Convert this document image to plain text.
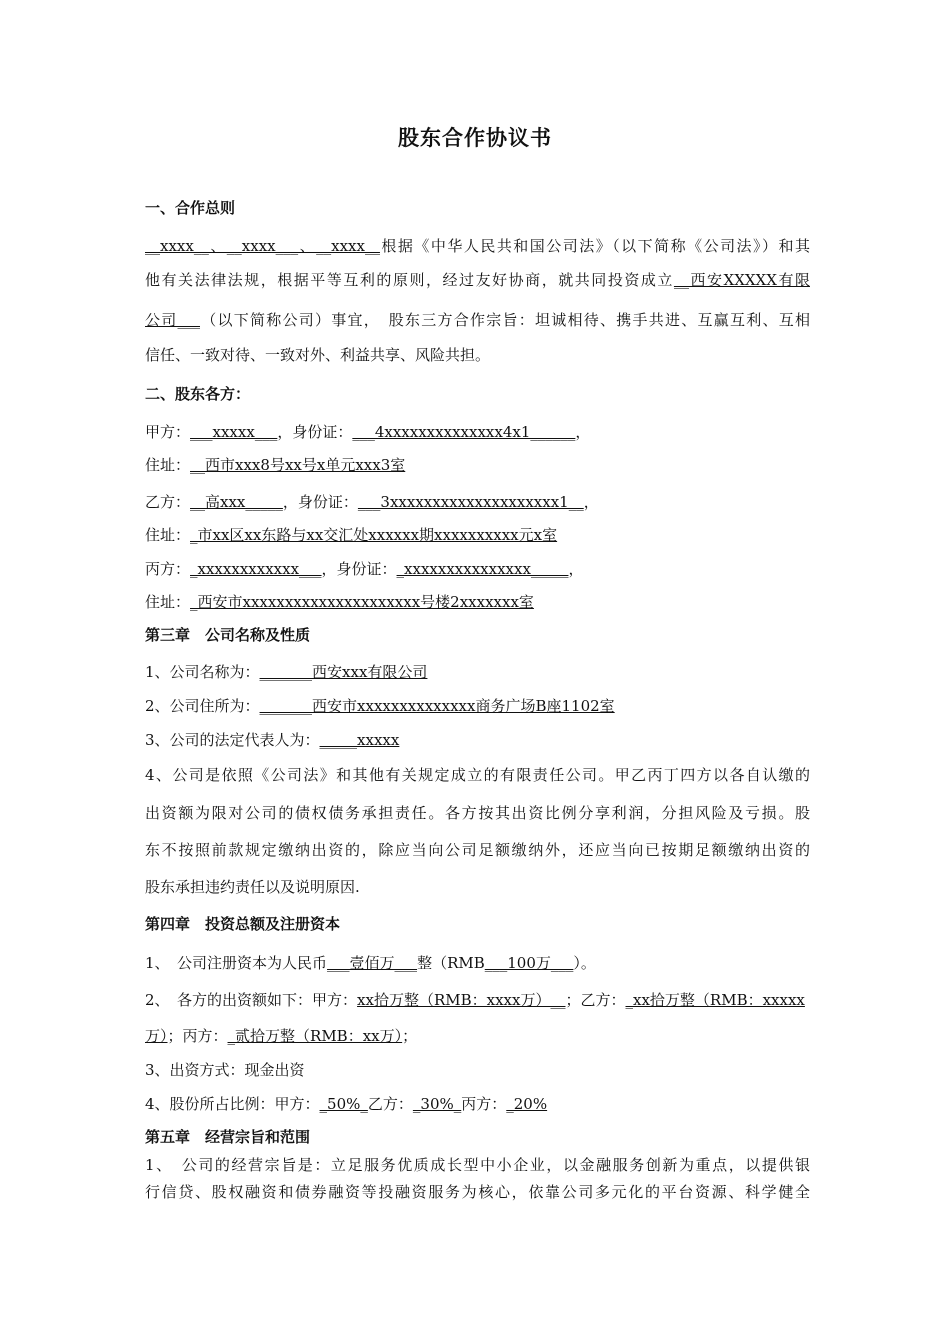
股东合作协议书
一、合作总则
__xxxx__、__xxxx___、__xxxx__根据《中华人民共和国公司法》（以下简称《公司法》）和其
他有关法律法规，根据平等互利的原则，经过友好协商，就共同投资成立__西安XXXXX有限
公司___（以下简称公司）事宜，　股东三方合作宗旨：坦诚相待、携手共进、互赢互利、互相
信任、一致对待、一致对外、利益共享、风险共担。
二、股东各方：
甲方：___xxxxx___，身份证：___4xxxxxxxxxxxxxx4x1______，
住址：__西市xxx8号xx号x单元xxx3室
乙方：__高xxx_____，身份证：___3xxxxxxxxxxxxxxxxxxxx1__，
住址：_市xx区xx东路与xx交汇处xxxxxx期xxxxxxxxxx元x室
丙方：_xxxxxxxxxxxx___，身份证：_xxxxxxxxxxxxxxx_____，
住址：_西安市xxxxxxxxxxxxxxxxxxxxx号楼2xxxxxxx室
第三章　公司名称及性质
1、公司名称为：_______西安xxx有限公司
2、公司住所为：_______西安市xxxxxxxxxxxxxx商务广场B座1102室
3、公司的法定代表人为：_____xxxxx
4、公司是依照《公司法》和其他有关规定成立的有限责任公司。甲乙丙丁四方以各自认缴的
出资额为限对公司的债权债务承担责任。各方按其出资比例分享利润，分担风险及亏损。股
东不按照前款规定缴纳出资的，除应当向公司足额缴纳外，还应当向已按期足额缴纳出资的
股东承担违约责任以及说明原因.
第四章　投资总额及注册资本
1、　公司注册资本为人民币___壹佰万___整（RMB___100万___）。
2、　各方的出资额如下：甲方：xx拾万整（RMB：xxxx万）__；乙方：_xx拾万整（RMB：xxxxx
万）；丙方：_贰拾万整（RMB：xx万）；
3、出资方式：现金出资
4、股份所占比例：甲方：_50%_乙方：_30%_丙方：_20%
第五章　经营宗旨和范围
1、　公司的经营宗旨是：立足服务优质成长型中小企业，以金融服务创新为重点，以提供银
行信贷、股权融资和债券融资等投融资服务为核心，依靠公司多元化的平台资源、科学健全
